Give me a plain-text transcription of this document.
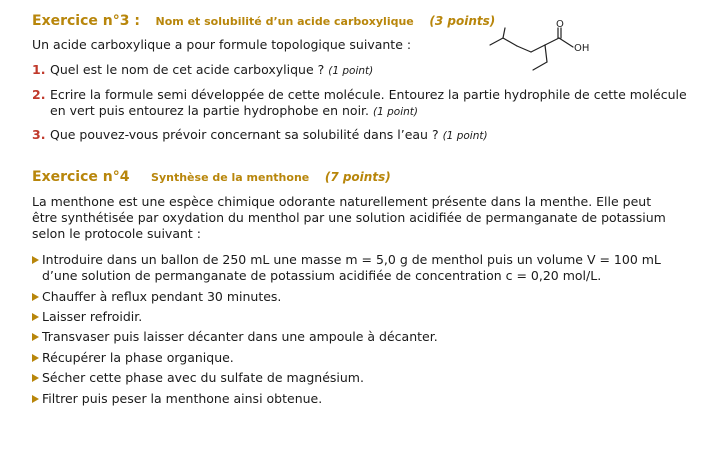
Exercice n°3 : Nom et solubilité d’un acide carboxylique (3 points)
Un acide carboxylique a pour formule topologique suivante :
1. Quel est le nom de cet acide carboxylique ? (1 point)
2. Ecrire la formule semi développée de cette molécule. Entourez la partie hydrophile de cette molécule en vert puis entourez la partie hydrophobe en noir. (1 point)
3. Que pouvez-vous prévoir concernant sa solubilité dans l’eau ? (1 point)
Exercice n°4 Synthèse de la menthone (7 points)
La menthone est une espèce chimique odorante naturellement présente dans la menthe. Elle peut être synthétisée par oxydation du menthol par une solution acidifiée de permanganate de potassium selon le protocole suivant :
Introduire dans un ballon de 250 mL une masse m = 5,0 g de menthol puis un volume V = 100 mL d’une solution de permanganate de potassium acidifiée de concentration c = 0,20 mol/L.
Chauffer à reflux pendant 30 minutes.
Laisser refroidir.
Transvaser puis laisser décanter dans une ampoule à décanter.
Récupérer la phase organique.
Sécher cette phase avec du sulfate de magnésium.
Filtrer puis peser la menthone ainsi obtenue.
O
OH
